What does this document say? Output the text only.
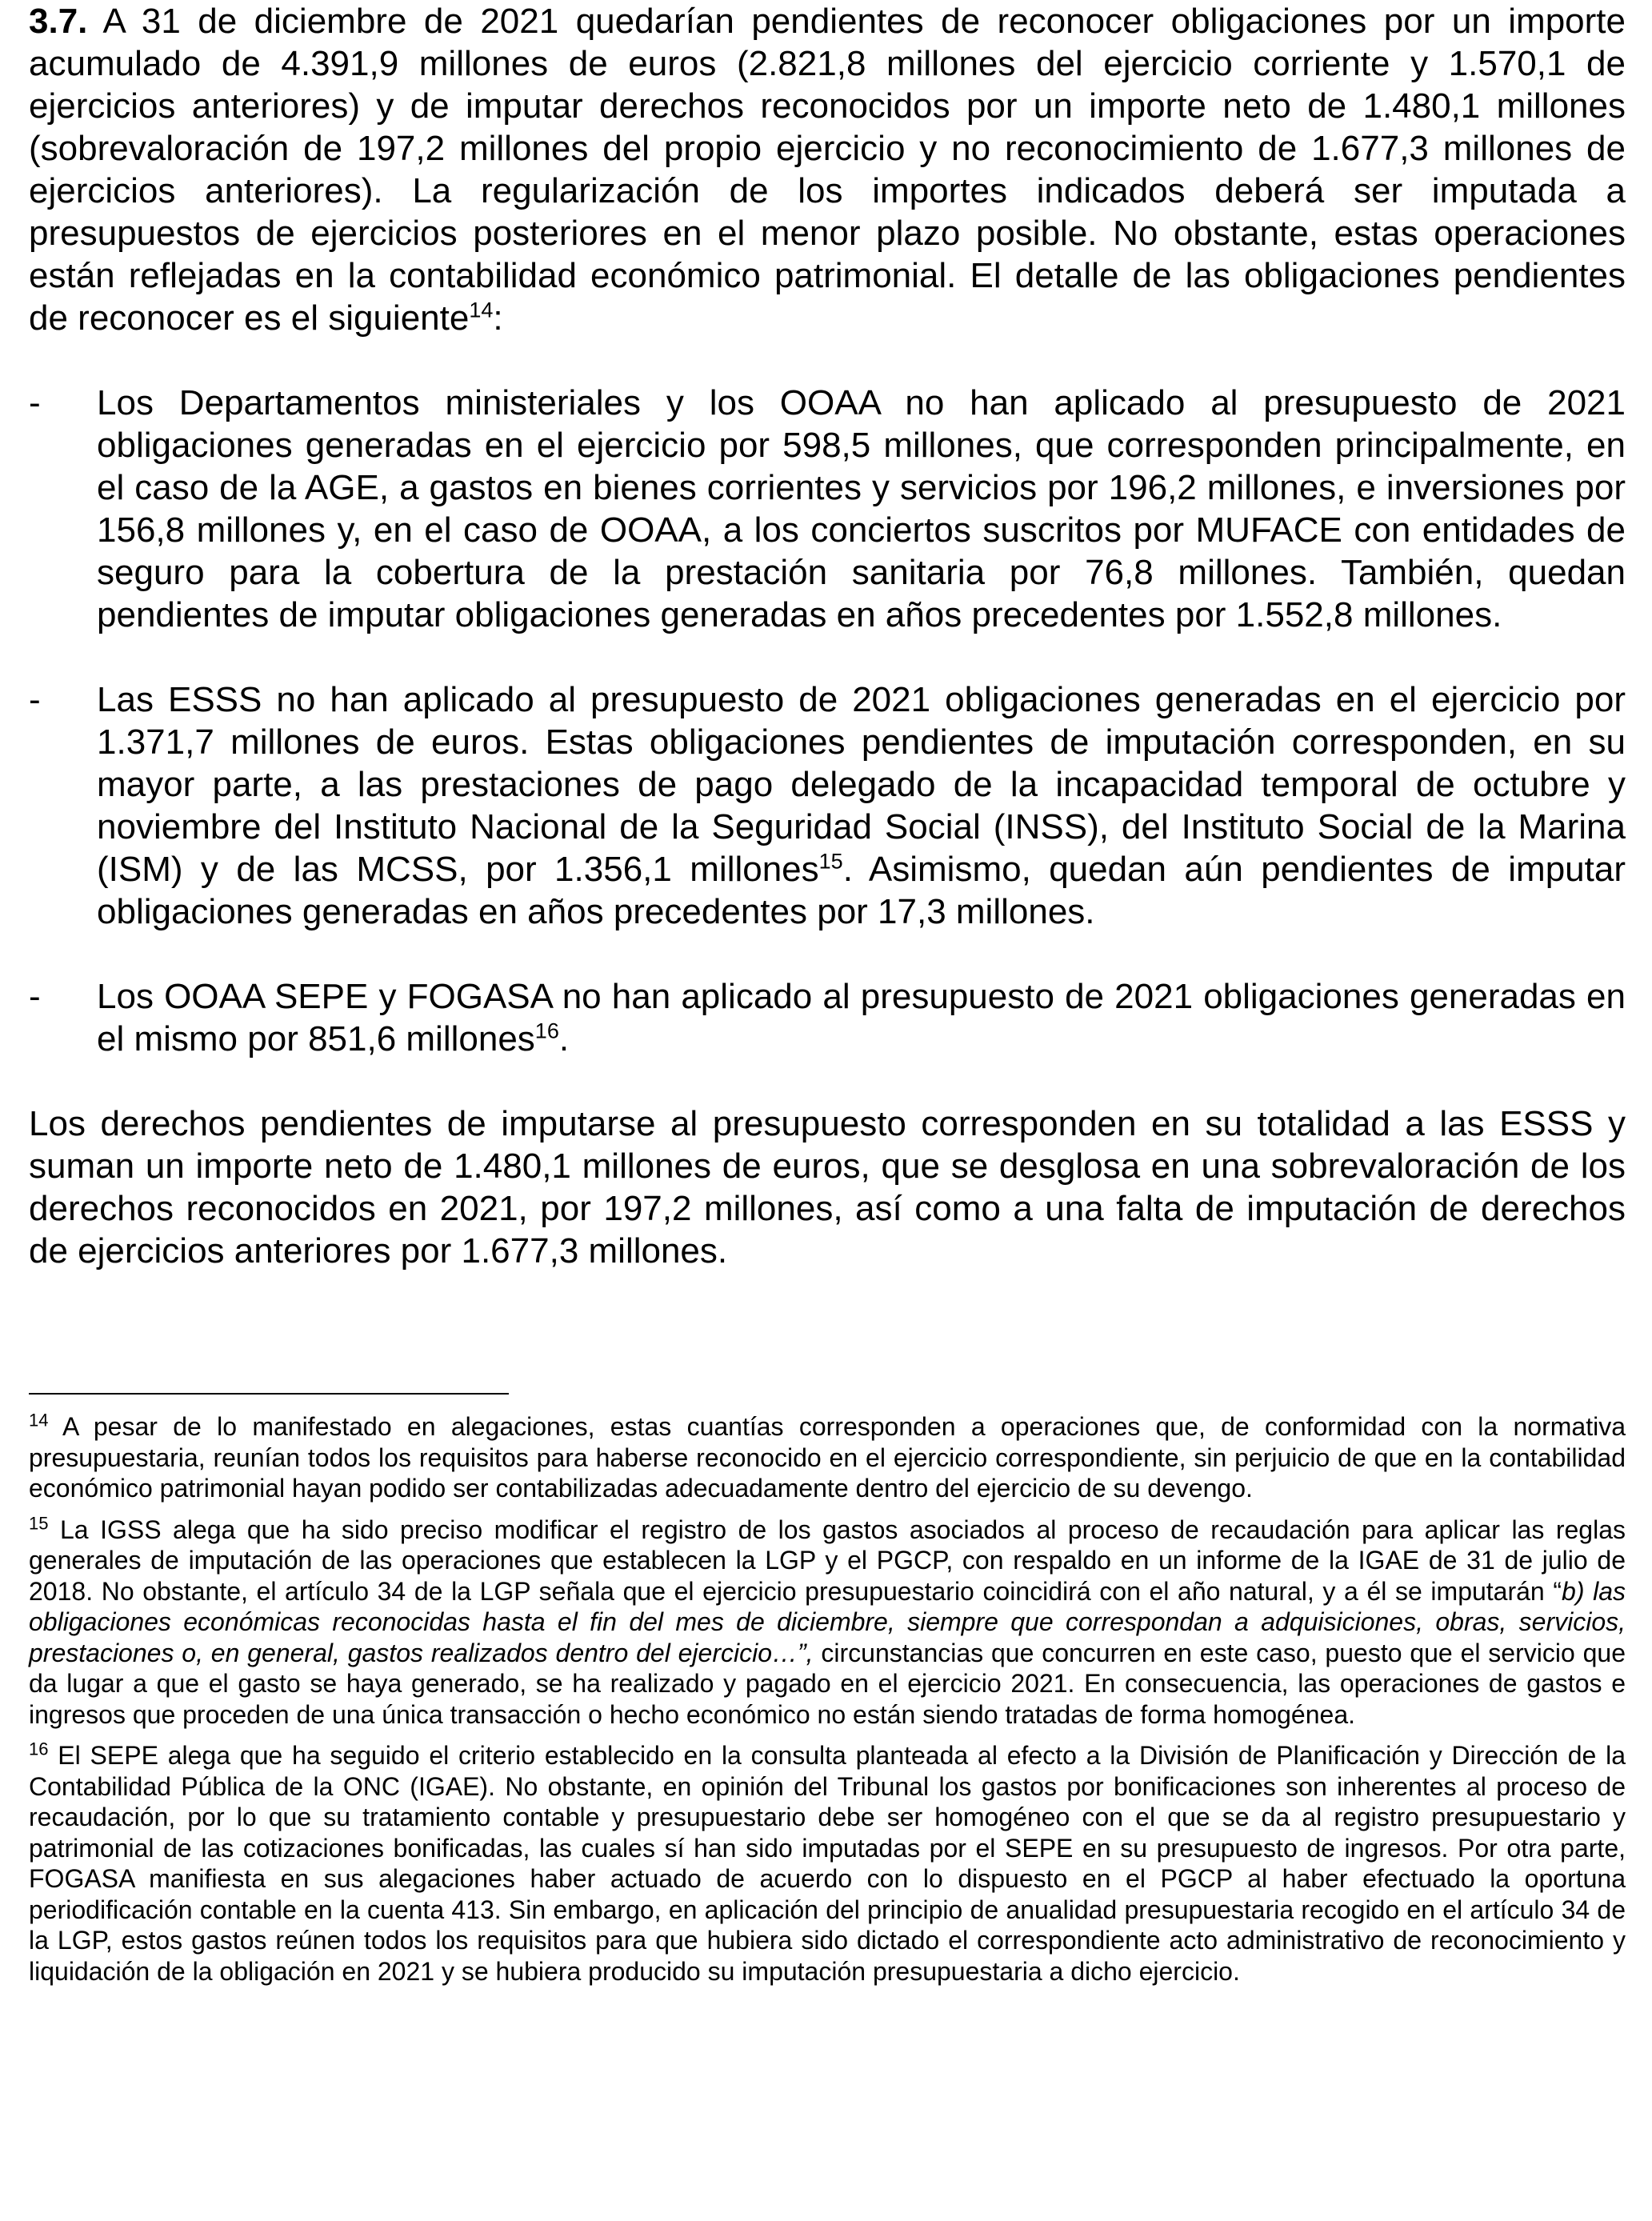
3.7. A 31 de diciembre de 2021 quedarían pendientes de reconocer obligaciones por un importe acumulado de 4.391,9 millones de euros (2.821,8 millones del ejercicio corriente y 1.570,1 de ejercicios anteriores) y de imputar derechos reconocidos por un importe neto de 1.480,1 millones (sobrevaloración de 197,2 millones del propio ejercicio y no reconocimiento de 1.677,3 millones de ejercicios anteriores). La regularización de los importes indicados deberá ser imputada a presupuestos de ejercicios posteriores en el menor plazo posible. No obstante, estas operaciones están reflejadas en la contabilidad económico patrimonial. El detalle de las obligaciones pendientes de reconocer es el siguiente$^{14}$:

- Los Departamentos ministeriales y los OOAA no han aplicado al presupuesto de 2021 obligaciones generadas en el ejercicio por 598,5 millones, que corresponden principalmente, en el caso de la AGE, a gastos en bienes corrientes y servicios por 196,2 millones, e inversiones por 156,8 millones y, en el caso de OOAA, a los conciertos suscritos por MUFACE con entidades de seguro para la cobertura de la prestación sanitaria por 76,8 millones. También, quedan pendientes de imputar obligaciones generadas en años precedentes por 1.552,8 millones.
- Las ESSS no han aplicado al presupuesto de 2021 obligaciones generadas en el ejercicio por 1.371,7 millones de euros. Estas obligaciones pendientes de imputación corresponden, en su mayor parte, a las prestaciones de pago delegado de la incapacidad temporal de octubre y noviembre del Instituto Nacional de la Seguridad Social (INSS), del Instituto Social de la Marina (ISM) y de las MCSS, por 1.356,1 millones$^{15}$. Asimismo, quedan aún pendientes de imputar obligaciones generadas en años precedentes por 17,3 millones.
- Los OOAA SEPE y FOGASA no han aplicado al presupuesto de 2021 obligaciones generadas en el mismo por 851,6 millones$^{16}$.

Los derechos pendientes de imputarse al presupuesto corresponden en su totalidad a las ESSS y suman un importe neto de 1.480,1 millones de euros, que se desglosa en una sobrevaloración de los derechos reconocidos en 2021, por 197,2 millones, así como a una falta de imputación de derechos de ejercicios anteriores por 1.677,3 millones.

$^{14}$ A pesar de lo manifestado en alegaciones, estas cuantías corresponden a operaciones que, de conformidad con la normativa presupuestaria, reunían todos los requisitos para haberse reconocido en el ejercicio correspondiente, sin perjuicio de que en la contabilidad económico patrimonial hayan podido ser contabilizadas adecuadamente dentro del ejercicio de su devengo.

$^{15}$ La IGSS alega que ha sido preciso modificar el registro de los gastos asociados al proceso de recaudación para aplicar las reglas generales de imputación de las operaciones que establecen la LGP y el PGCP, con respaldo en un informe de la IGAE de 31 de julio de 2018. No obstante, el artículo 34 de la LGP señala que el ejercicio presupuestario coincidirá con el año natural, y a él se imputarán “b) las obligaciones económicas reconocidas hasta el fin del mes de diciembre, siempre que correspondan a adquisiciones, obras, servicios, prestaciones o, en general, gastos realizados dentro del ejercicio…”, circunstancias que concurren en este caso, puesto que el servicio que da lugar a que el gasto se haya generado, se ha realizado y pagado en el ejercicio 2021. En consecuencia, las operaciones de gastos e ingresos que proceden de una única transacción o hecho económico no están siendo tratadas de forma homogénea.

$^{16}$ El SEPE alega que ha seguido el criterio establecido en la consulta planteada al efecto a la División de Planificación y Dirección de la Contabilidad Pública de la ONC (IGAE). No obstante, en opinión del Tribunal los gastos por bonificaciones son inherentes al proceso de recaudación, por lo que su tratamiento contable y presupuestario debe ser homogéneo con el que se da al registro presupuestario y patrimonial de las cotizaciones bonificadas, las cuales sí han sido imputadas por el SEPE en su presupuesto de ingresos. Por otra parte, FOGASA manifiesta en sus alegaciones haber actuado de acuerdo con lo dispuesto en el PGCP al haber efectuado la oportuna periodificación contable en la cuenta 413. Sin embargo, en aplicación del principio de anualidad presupuestaria recogido en el artículo 34 de la LGP, estos gastos reúnen todos los requisitos para que hubiera sido dictado el correspondiente acto administrativo de reconocimiento y liquidación de la obligación en 2021 y se hubiera producido su imputación presupuestaria a dicho ejercicio.
